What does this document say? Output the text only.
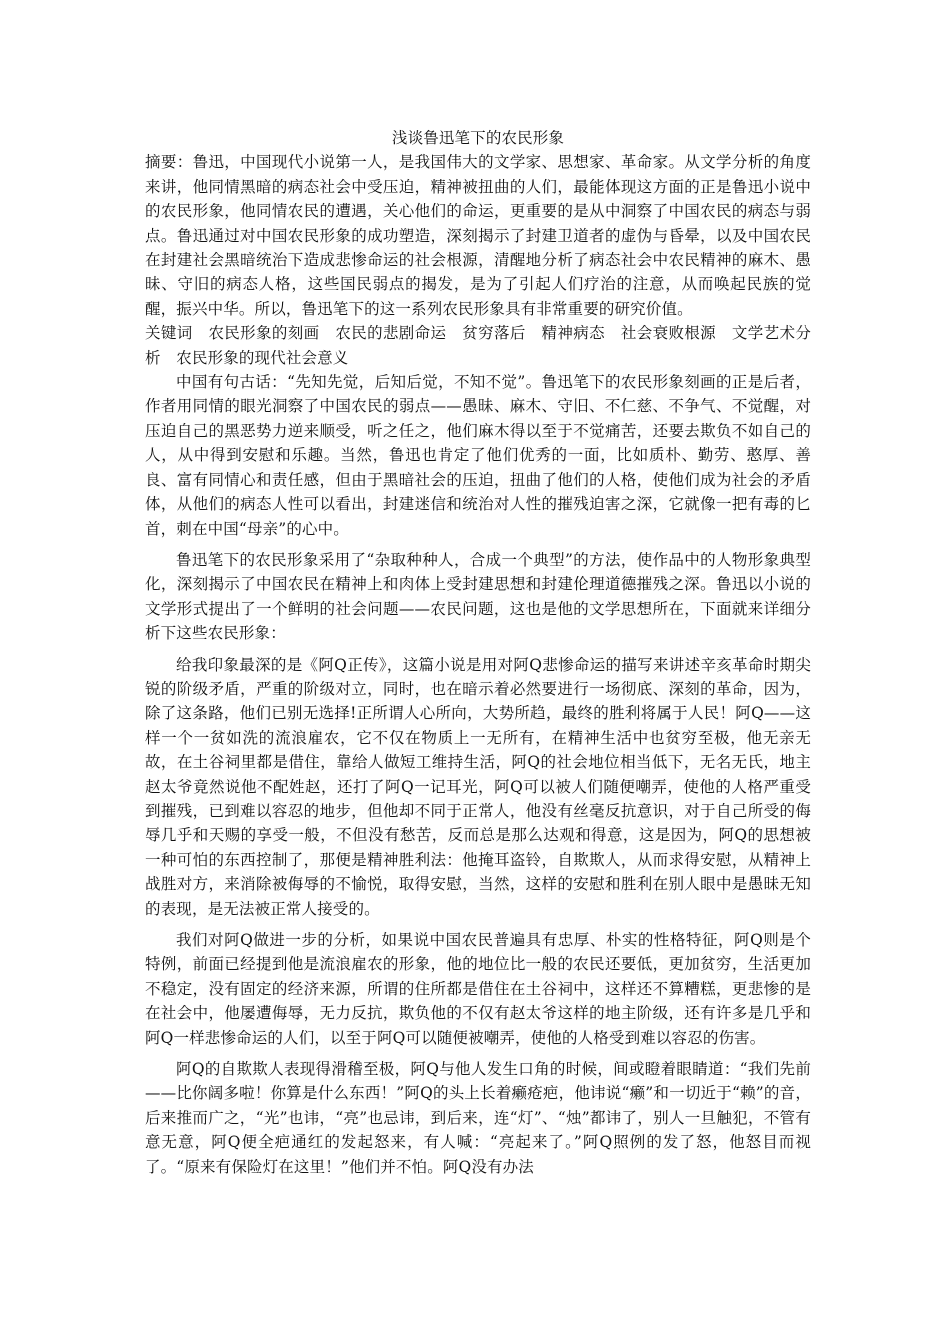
浅谈鲁迅笔下的农民形象

摘要：鲁迅，中国现代小说第一人，是我国伟大的文学家、思想家、革命家。从文学分析的角度来讲，他同情黑暗的病态社会中受压迫，精神被扭曲的人们，最能体现这方面的正是鲁迅小说中的农民形象，他同情农民的遭遇，关心他们的命运，更重要的是从中洞察了中国农民的病态与弱点。鲁迅通过对中国农民形象的成功塑造，深刻揭示了封建卫道者的虚伪与昏晕，以及中国农民在封建社会黑暗统治下造成悲惨命运的社会根源，清醒地分析了病态社会中农民精神的麻木、愚昧、守旧的病态人格，这些国民弱点的揭发，是为了引起人们疗治的注意，从而唤起民族的觉醒，振兴中华。所以，鲁迅笔下的这一系列农民形象具有非常重要的研究价值。

关键词　农民形象的刻画　农民的悲剧命运　贫穷落后　精神病态　社会衰败根源　文学艺术分析　农民形象的现代社会意义

中国有句古话：“先知先觉，后知后觉，不知不觉”。鲁迅笔下的农民形象刻画的正是后者，作者用同情的眼光洞察了中国农民的弱点——愚昧、麻木、守旧、不仁慈、不争气、不觉醒，对压迫自己的黑恶势力逆来顺受，听之任之，他们麻木得以至于不觉痛苦，还要去欺负不如自己的人，从中得到安慰和乐趣。当然，鲁迅也肯定了他们优秀的一面，比如质朴、勤劳、憨厚、善良、富有同情心和责任感，但由于黑暗社会的压迫，扭曲了他们的人格，使他们成为社会的矛盾体，从他们的病态人性可以看出，封建迷信和统治对人性的摧残迫害之深，它就像一把有毒的匕首，刺在中国“母亲”的心中。

鲁迅笔下的农民形象采用了“杂取种种人，合成一个典型”的方法，使作品中的人物形象典型化，深刻揭示了中国农民在精神上和肉体上受封建思想和封建伦理道德摧残之深。鲁迅以小说的文学形式提出了一个鲜明的社会问题——农民问题，这也是他的文学思想所在，下面就来详细分析下这些农民形象：

给我印象最深的是《阿Q正传》，这篇小说是用对阿Q悲惨命运的描写来讲述辛亥革命时期尖锐的阶级矛盾，严重的阶级对立，同时，也在暗示着必然要进行一场彻底、深刻的革命，因为，除了这条路，他们已别无选择!正所谓人心所向，大势所趋，最终的胜利将属于人民！阿Q——这样一个一贫如洗的流浪雇农，它不仅在物质上一无所有，在精神生活中也贫穷至极，他无亲无故，在土谷祠里都是借住，靠给人做短工维持生活，阿Q的社会地位相当低下，无名无氏，地主赵太爷竟然说他不配姓赵，还打了阿Q一记耳光，阿Q可以被人们随便嘲弄，使他的人格严重受到摧残，已到难以容忍的地步，但他却不同于正常人，他没有丝毫反抗意识，对于自己所受的侮辱几乎和天赐的享受一般，不但没有愁苦，反而总是那么达观和得意，这是因为，阿Q的思想被一种可怕的东西控制了，那便是精神胜利法：他掩耳盗铃，自欺欺人，从而求得安慰，从精神上战胜对方，来消除被侮辱的不愉悦，取得安慰，当然，这样的安慰和胜利在别人眼中是愚昧无知的表现，是无法被正常人接受的。

我们对阿Q做进一步的分析，如果说中国农民普遍具有忠厚、朴实的性格特征，阿Q则是个特例，前面已经提到他是流浪雇农的形象，他的地位比一般的农民还要低，更加贫穷，生活更加不稳定，没有固定的经济来源，所谓的住所都是借住在土谷祠中，这样还不算糟糕，更悲惨的是在社会中，他屡遭侮辱，无力反抗，欺负他的不仅有赵太爷这样的地主阶级，还有许多是几乎和阿Q一样悲惨命运的人们，以至于阿Q可以随便被嘲弄，使他的人格受到难以容忍的伤害。

阿Q的自欺欺人表现得滑稽至极，阿Q与他人发生口角的时候，间或瞪着眼睛道：“我们先前——比你阔多啦！你算是什么东西！”阿Q的头上长着癞疮疤，他讳说“癞”和一切近于“赖”的音，后来推而广之，“光”也讳，“亮”也忌讳，到后来，连“灯”、“烛”都讳了，别人一旦触犯，不管有意无意，阿Q便全疤通红的发起怒来，有人喊：“亮起来了。”阿Q照例的发了怒，他怒目而视了。“原来有保险灯在这里！”他们并不怕。阿Q没有办法
